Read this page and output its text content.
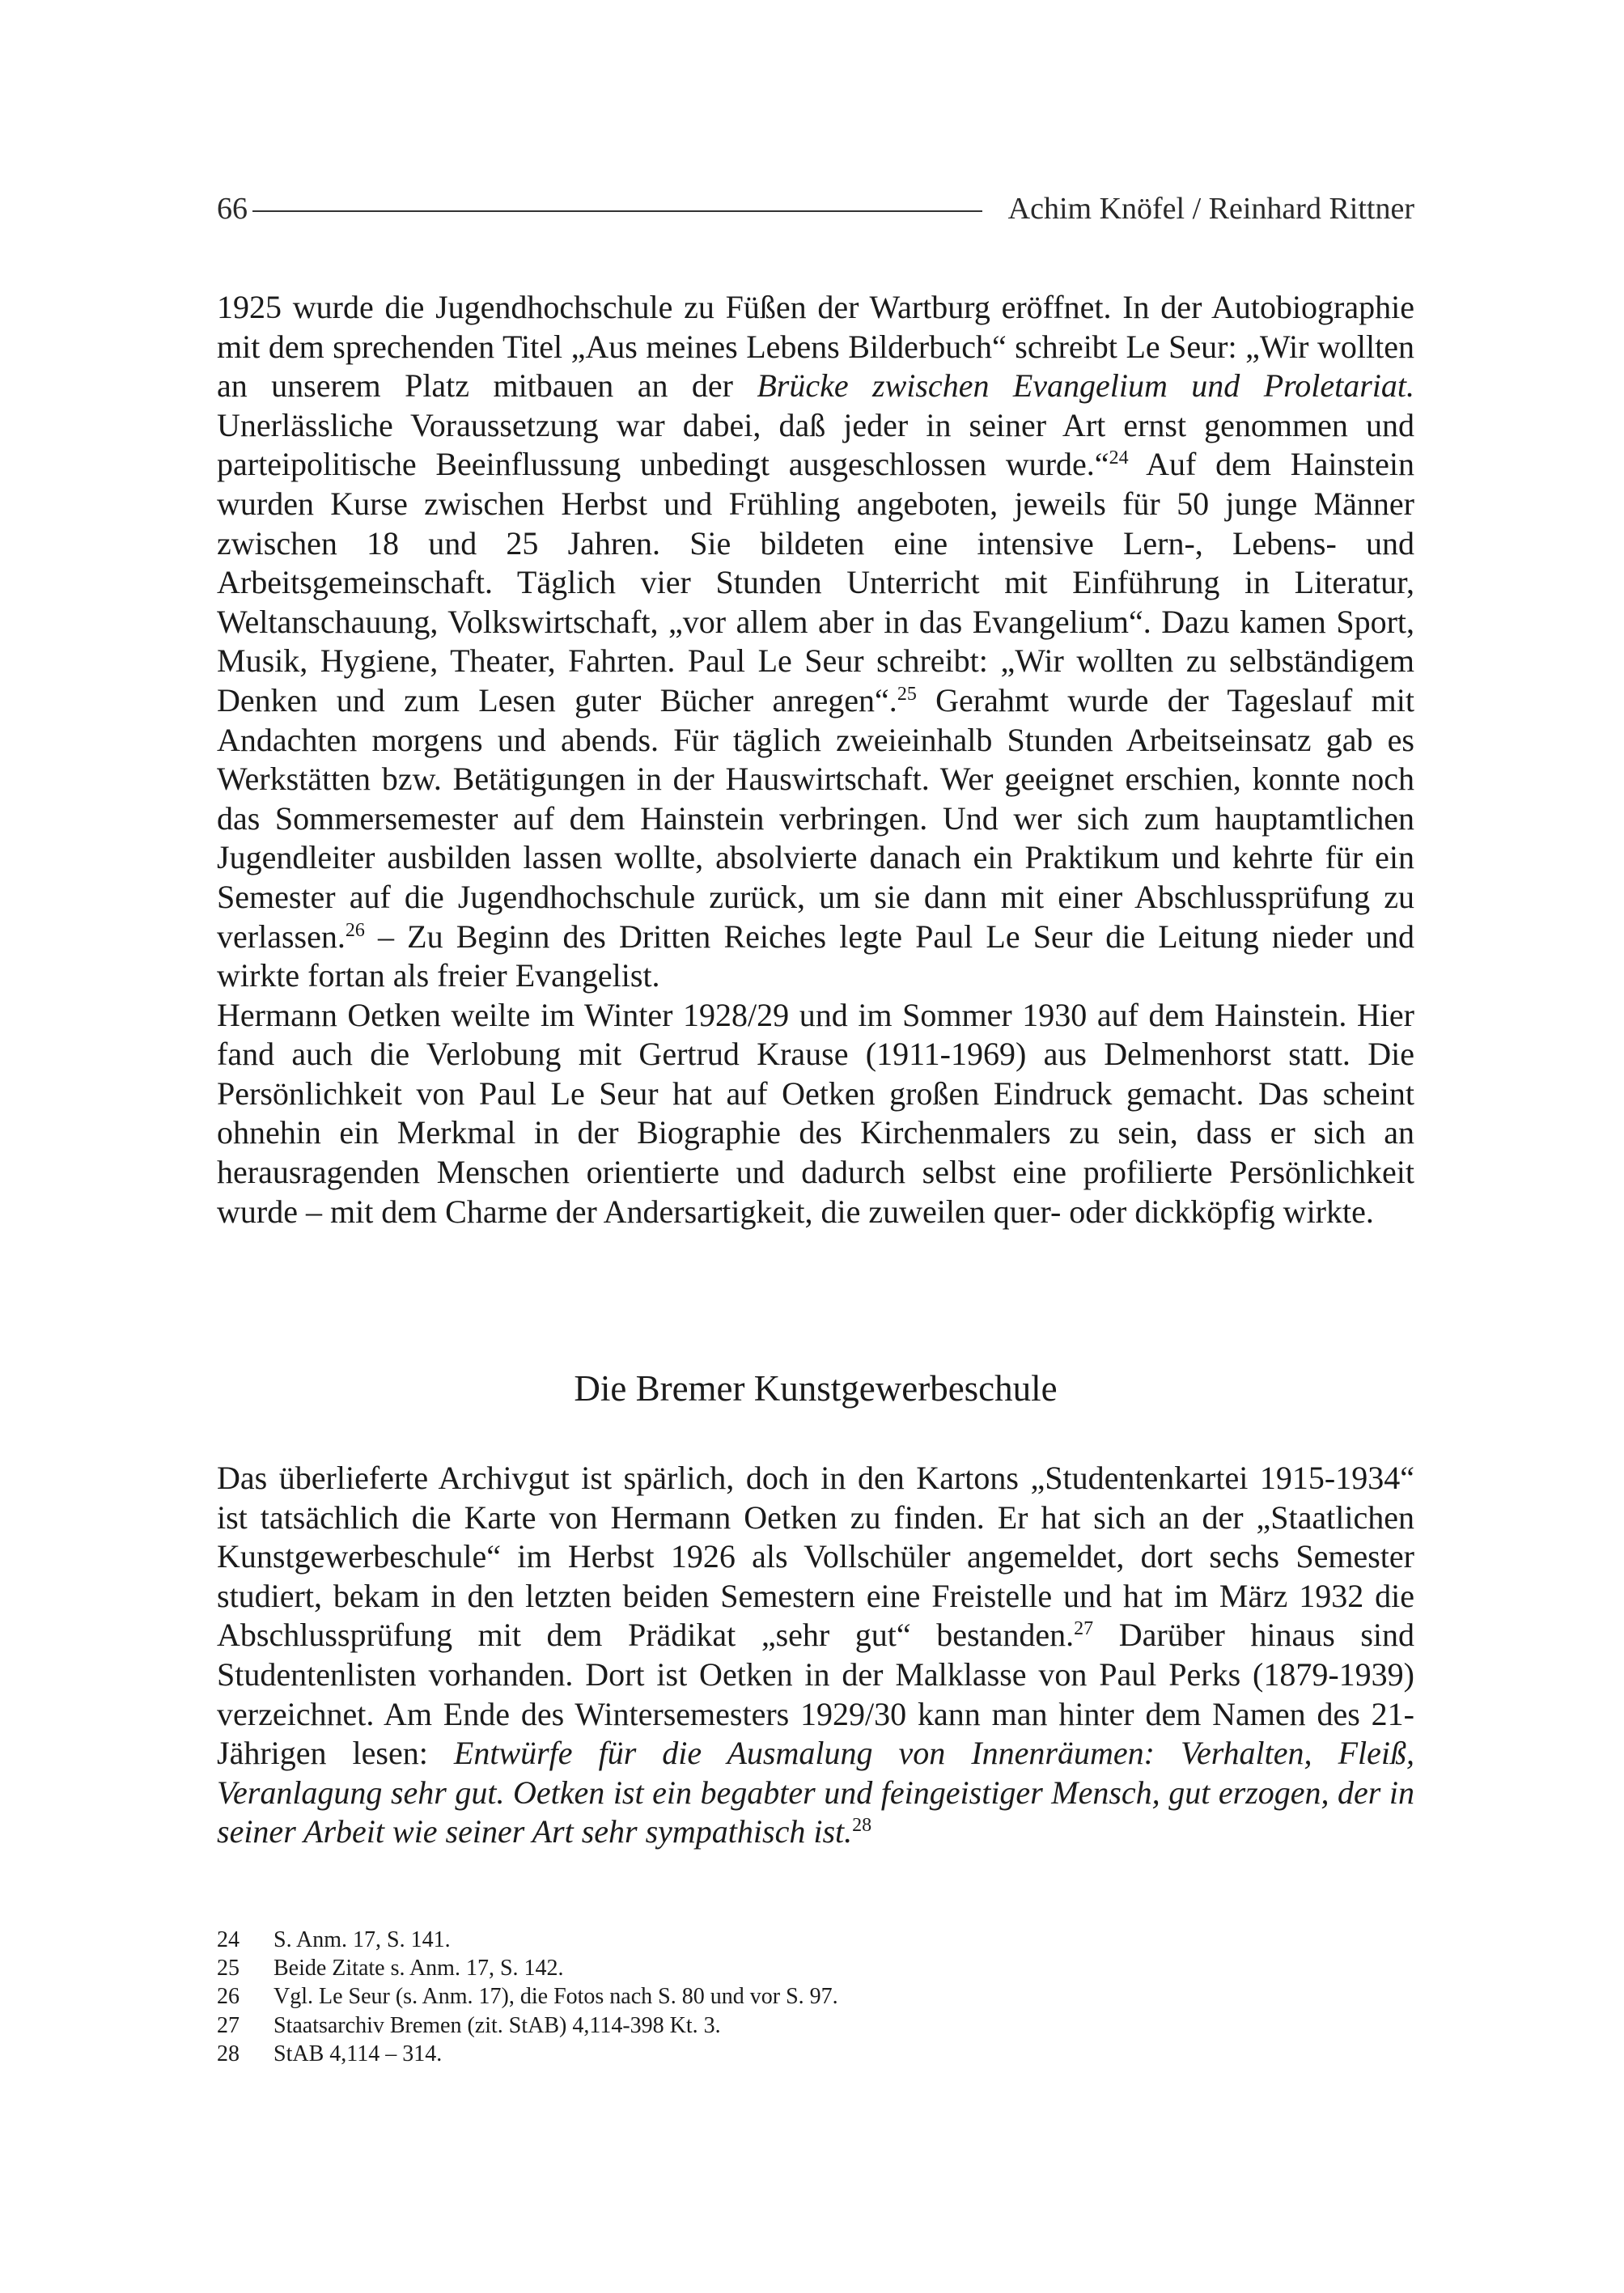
66	Achim Knöfel / Reinhard Rittner

1925 wurde die Jugendhochschule zu Füßen der Wartburg eröffnet. In der Autobiographie mit dem sprechenden Titel „Aus meines Lebens Bilderbuch“ schreibt Le Seur: „Wir wollten an unserem Platz mitbauen an der Brücke zwischen Evangelium und Proletariat. Unerlässliche Voraussetzung war dabei, daß jeder in seiner Art ernst genommen und parteipolitische Beeinflussung unbedingt ausgeschlossen wurde.“$^{24}$ Auf dem Hainstein wurden Kurse zwischen Herbst und Frühling angeboten, jeweils für 50 junge Männer zwischen 18 und 25 Jahren. Sie bildeten eine intensive Lern-, Lebens- und Arbeitsgemeinschaft. Täglich vier Stunden Unterricht mit Einführung in Literatur, Weltanschauung, Volkswirtschaft, „vor allem aber in das Evangelium“. Dazu kamen Sport, Musik, Hygiene, Theater, Fahrten. Paul Le Seur schreibt: „Wir wollten zu selbständigem Denken und zum Lesen guter Bücher anregen“.$^{25}$ Gerahmt wurde der Tageslauf mit Andachten morgens und abends. Für täglich zweieinhalb Stunden Arbeitseinsatz gab es Werkstätten bzw. Betätigungen in der Hauswirtschaft. Wer geeignet erschien, konnte noch das Sommersemester auf dem Hainstein verbringen. Und wer sich zum hauptamtlichen Jugendleiter ausbilden lassen wollte, absolvierte danach ein Praktikum und kehrte für ein Semester auf die Jugendhochschule zurück, um sie dann mit einer Abschlussprüfung zu verlassen.$^{26}$ – Zu Beginn des Dritten Reiches legte Paul Le Seur die Leitung nieder und wirkte fortan als freier Evangelist.

Hermann Oetken weilte im Winter 1928/29 und im Sommer 1930 auf dem Hainstein. Hier fand auch die Verlobung mit Gertrud Krause (1911-1969) aus Delmenhorst statt. Die Persönlichkeit von Paul Le Seur hat auf Oetken großen Eindruck gemacht. Das scheint ohnehin ein Merkmal in der Biographie des Kirchenmalers zu sein, dass er sich an herausragenden Menschen orientierte und dadurch selbst eine profilierte Persönlichkeit wurde – mit dem Charme der Andersartigkeit, die zuweilen quer- oder dickköpfig wirkte.

Die Bremer Kunstgewerbeschule

Das überlieferte Archivgut ist spärlich, doch in den Kartons „Studentenkartei 1915-1934“ ist tatsächlich die Karte von Hermann Oetken zu finden. Er hat sich an der „Staatlichen Kunstgewerbeschule“ im Herbst 1926 als Vollschüler angemeldet, dort sechs Semester studiert, bekam in den letzten beiden Semestern eine Freistelle und hat im März 1932 die Abschlussprüfung mit dem Prädikat „sehr gut“ bestanden.$^{27}$ Darüber hinaus sind Studentenlisten vorhanden. Dort ist Oetken in der Malklasse von Paul Perks (1879-1939) verzeichnet. Am Ende des Wintersemesters 1929/30 kann man hinter dem Namen des 21-Jährigen lesen: Entwürfe für die Ausmalung von Innenräumen: Verhalten, Fleiß, Veranlagung sehr gut. Oetken ist ein begabter und feingeistiger Mensch, gut erzogen, der in seiner Arbeit wie seiner Art sehr sympathisch ist.$^{28}$

24	S. Anm. 17, S. 141.
25	Beide Zitate s. Anm. 17, S. 142.
26	Vgl. Le Seur (s. Anm. 17), die Fotos nach S. 80 und vor S. 97.
27	Staatsarchiv Bremen (zit. StAB) 4,114-398 Kt. 3.
28	StAB 4,114 – 314.
